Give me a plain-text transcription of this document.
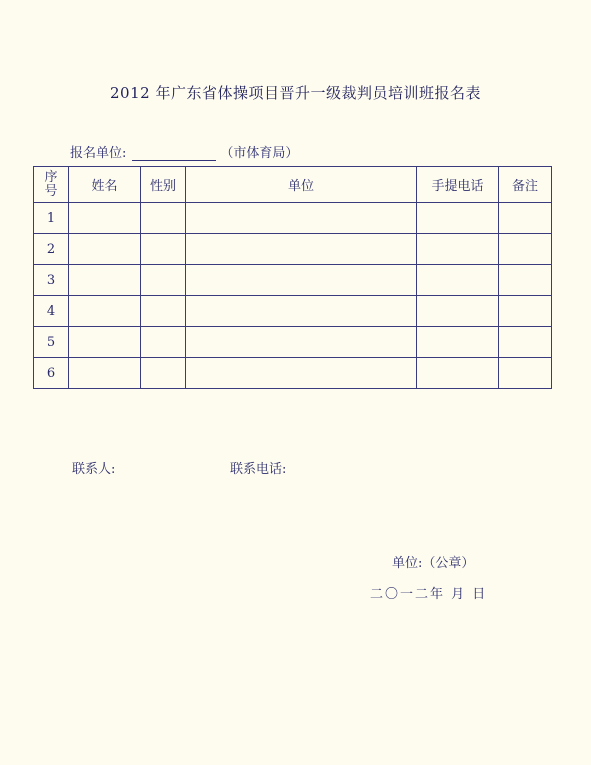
2012 年广东省体操项目晋升一级裁判员培训班报名表
报名单位:	（市体育局）
序号	姓名	性别	单位	手提电话	备注
1					
2					
3					
4					
5					
6					
联系人:	联系电话:
单位:（公章）
二〇一二年 月 日
